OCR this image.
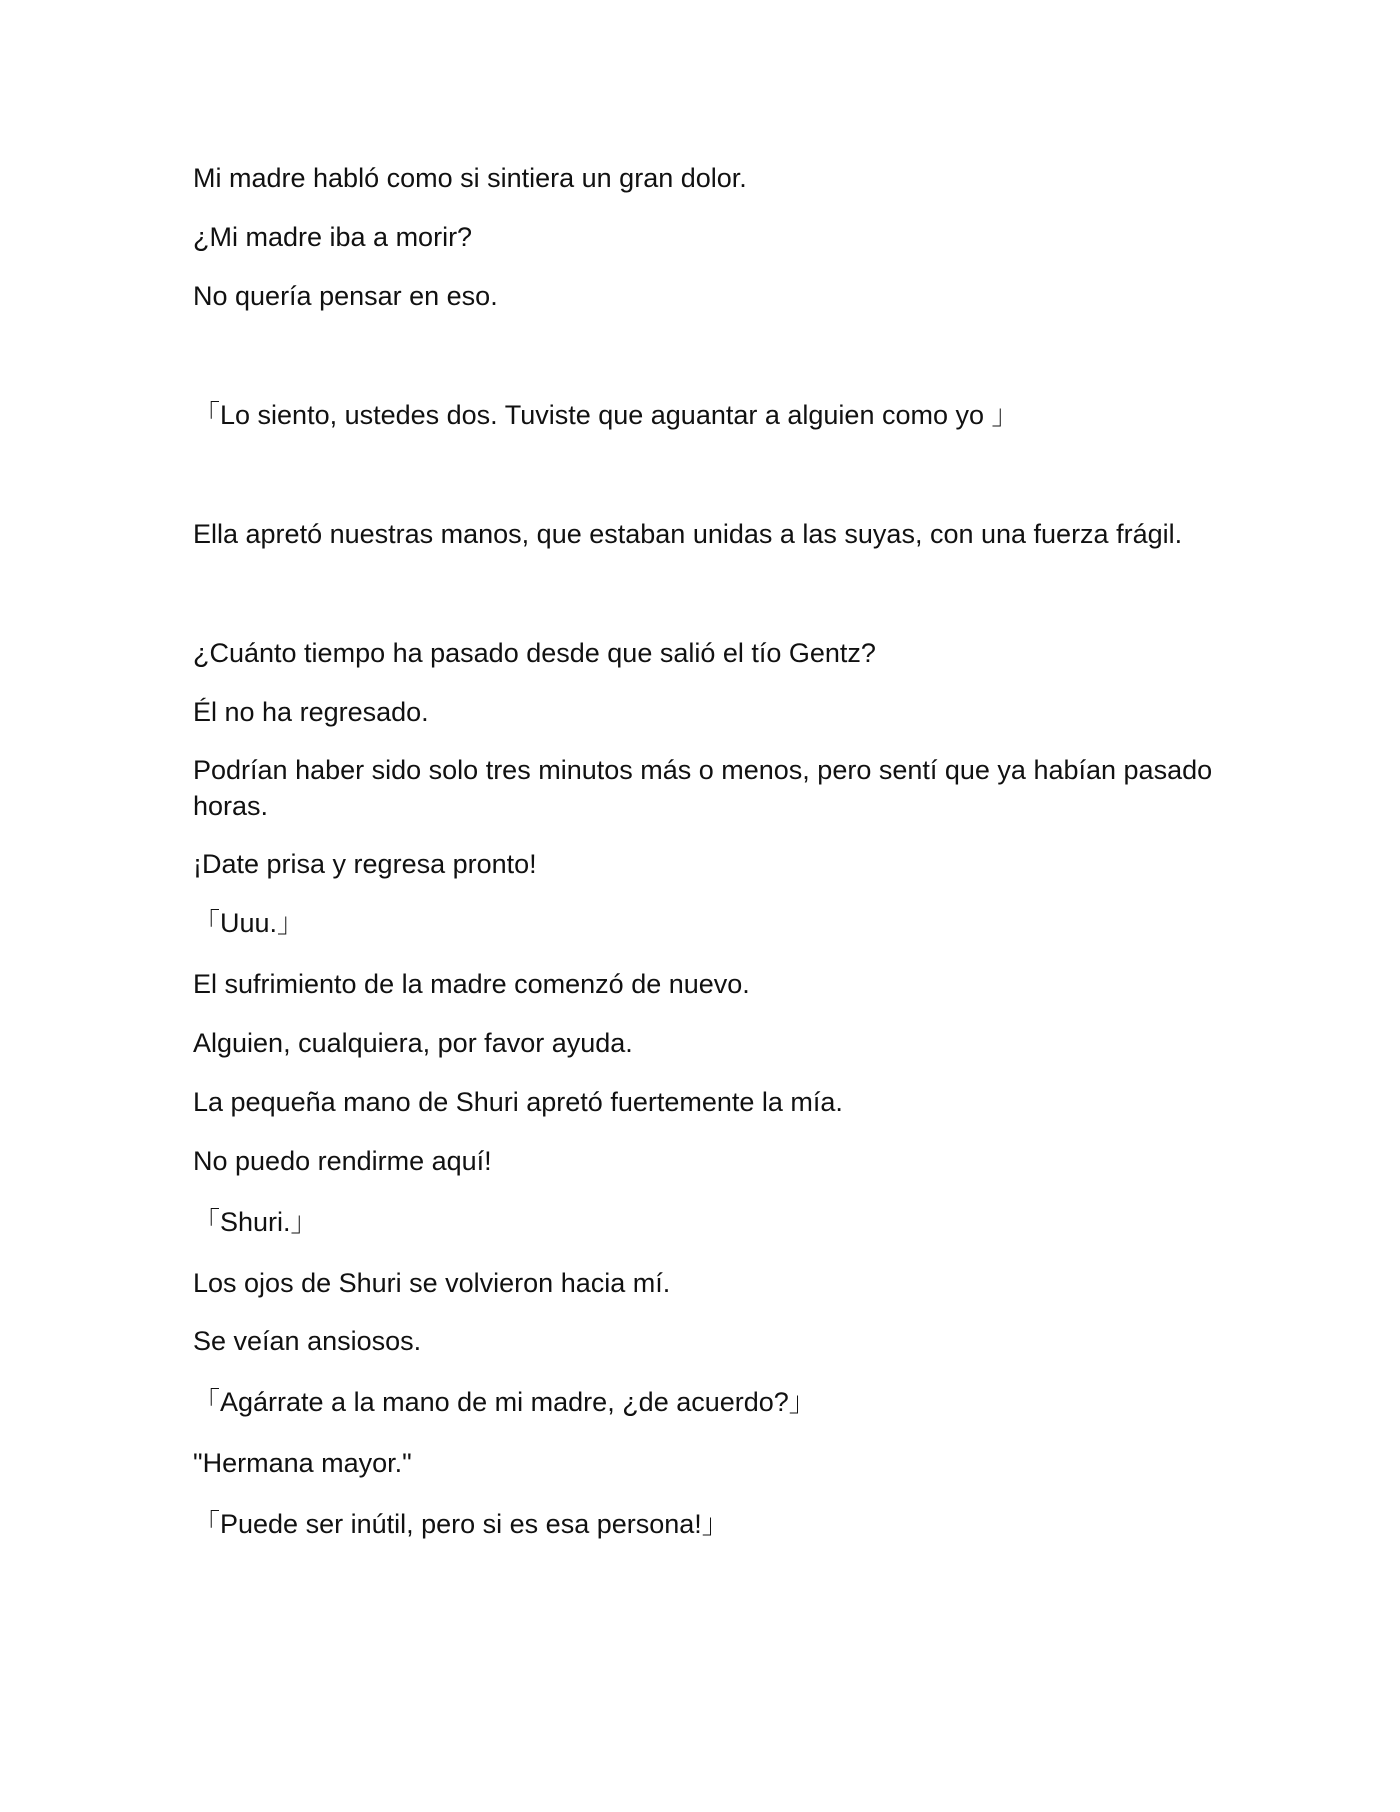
Mi madre habló como si sintiera un gran dolor.

¿Mi madre iba a morir?

No quería pensar en eso.

「Lo siento, ustedes dos. Tuviste que aguantar a alguien como yo 」

Ella apretó nuestras manos, que estaban unidas a las suyas, con una fuerza frágil.

¿Cuánto tiempo ha pasado desde que salió el tío Gentz?

Él no ha regresado.

Podrían haber sido solo tres minutos más o menos, pero sentí que ya habían pasado horas.

¡Date prisa y regresa pronto!

「Uuu.」

El sufrimiento de la madre comenzó de nuevo.

Alguien, cualquiera, por favor ayuda.

La pequeña mano de Shuri apretó fuertemente la mía.

No puedo rendirme aquí!

「Shuri.」

Los ojos de Shuri se volvieron hacia mí.

Se veían ansiosos.

「Agárrate a la mano de mi madre, ¿de acuerdo?」

"Hermana mayor."

「Puede ser inútil, pero si es esa persona!」
